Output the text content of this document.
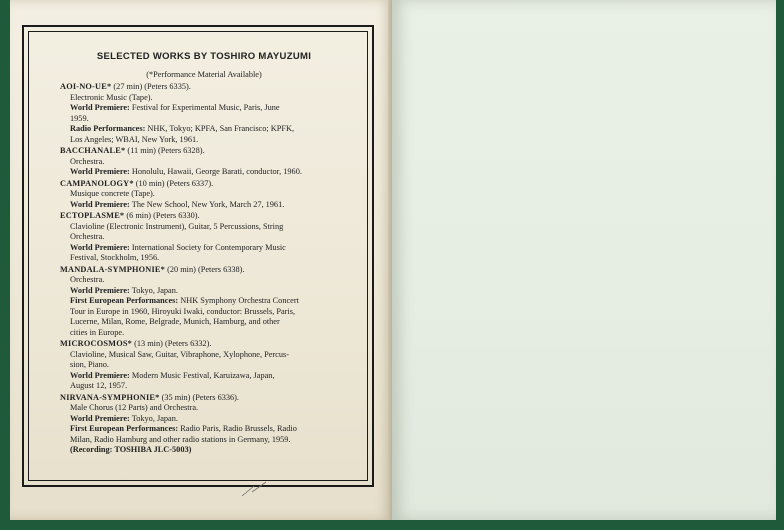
SELECTED WORKS BY TOSHIRO MAYUZUMI
(*Performance Material Available)
AOI-NO-UE* (27 min) (Peters 6335).
Electronic Music (Tape).
World Premiere: Festival for Experimental Music, Paris, June
1959.
Radio Performances: NHK, Tokyo; KPFA, San Francisco; KPFK,
Los Angeles; WBAI, New York, 1961.
BACCHANALE* (11 min) (Peters 6328).
Orchestra.
World Premiere: Honolulu, Hawaii, George Barati, conductor, 1960.
CAMPANOLOGY* (10 min) (Peters 6337).
Musique concrete (Tape).
World Premiere: The New School, New York, March 27, 1961.
ECTOPLASME* (6 min) (Peters 6330).
Clavioline (Electronic Instrument), Guitar, 5 Percussions, String
Orchestra.
World Premiere: International Society for Contemporary Music
Festival, Stockholm, 1956.
MANDALA-SYMPHONIE* (20 min) (Peters 6338).
Orchestra.
World Premiere: Tokyo, Japan.
First European Performances: NHK Symphony Orchestra Concert
Tour in Europe in 1960, Hiroyuki Iwaki, conductor: Brussels, Paris,
Lucerne, Milan, Rome, Belgrade, Munich, Hamburg, and other
cities in Europe.
MICROCOSMOS* (13 min) (Peters 6332).
Clavioline, Musical Saw, Guitar, Vibraphone, Xylophone, Percus-
sion, Piano.
World Premiere: Modern Music Festival, Karuizawa, Japan,
August 12, 1957.
NIRVANA-SYMPHONIE* (35 min) (Peters 6336).
Male Chorus (12 Parts) and Orchestra.
World Premiere: Tokyo, Japan.
First European Performances: Radio Paris, Radio Brussels, Radio
Milan, Radio Hamburg and other radio stations in Germany, 1959.
(Recording: TOSHIBA JLC-5003)
